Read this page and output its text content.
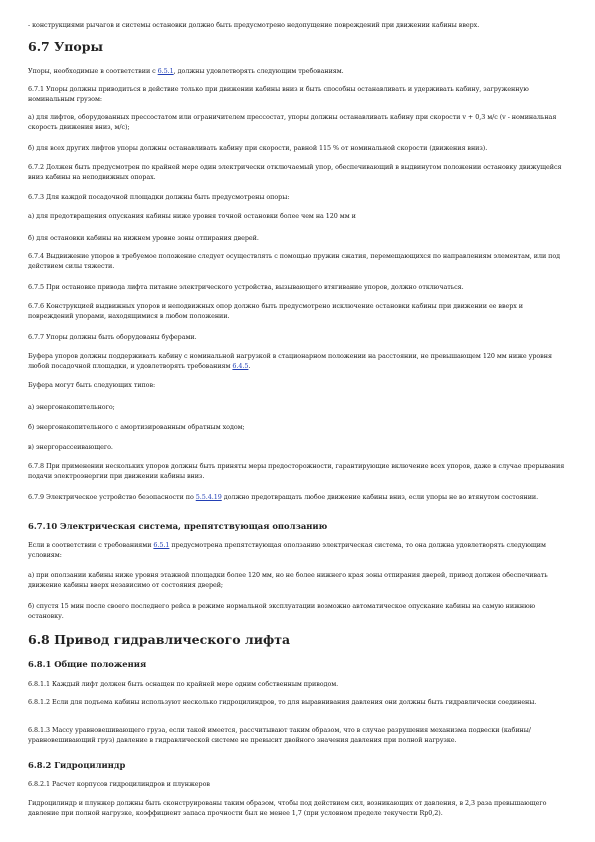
- конструкциями рычагов и системы остановки должно быть предусмотрено недопущение повреждений при движении кабины вверх.

6.7 Упоры

Упоры, необходимые в соответствии с 6.5.1, должны удовлетворять следующим требованиям.

6.7.1 Упоры должны приводиться в действие только при движении кабины вниз и быть способны останавливать и удерживать кабину, загруженную номинальным грузом:

а) для лифтов, оборудованных прессостатом или ограничителем прессостат, упоры должны останавливать кабину при скорости v + 0,3 м/с (v - номинальная скорость движения вниз, м/с);

б) для всех других лифтов упоры должны останавливать кабину при скорости, равной 115 % от номинальной скорости (движения вниз).

6.7.2 Должен быть предусмотрен по крайней мере один электрически отключаемый упор, обеспечивающий в выдвинутом положении остановку движущейся вниз кабины на неподвижных опорах.

6.7.3 Для каждой посадочной площадки должны быть предусмотрены опоры:

а) для предотвращения опускания кабины ниже уровня точной остановки более чем на 120 мм и

б) для остановки кабины на нижнем уровне зоны отпирания дверей.

6.7.4 Выдвижение упоров в требуемое положение следует осуществлять с помощью пружин сжатия, перемещающихся по направлениям элементам, или под действием силы тяжести.

6.7.5 При остановке привода лифта питание электрического устройства, вызывающего втягивание упоров, должно отключаться.

6.7.6 Конструкцией выдвижных упоров и неподвижных опор должно быть предусмотрено исключение остановки кабины при движении ее вверх и повреждений упорами, находящимися в любом положении.

6.7.7 Упоры должны быть оборудованы буферами.

Буфера упоров должны поддерживать кабину с номинальной нагрузкой в стационарном положении на расстоянии, не превышающем 120 мм ниже уровня любой посадочной площадки, и удовлетворять требованиям 6.4.5.

Буфера могут быть следующих типов:

а) энергонакопительного;

б) энергонакопительного с амортизированным обратным ходом;

в) энергорассеивающего.

6.7.8 При применении нескольких упоров должны быть приняты меры предосторожности, гарантирующие включение всех упоров, даже в случае прерывания подачи электроэнергии при движении кабины вниз.

6.7.9 Электрическое устройство безопасности по 5.5.4.19 должно предотвращать любое движение кабины вниз, если упоры не во втянутом состоянии.

6.7.10 Электрическая система, препятствующая оползанию

Если в соответствии с требованиями 6.5.1 предусмотрена препятствующая оползанию электрическая система, то она должна удовлетворять следующим условиям:

а) при оползании кабины ниже уровня этажной площадки более 120 мм, но не более нижнего края зоны отпирания дверей, привод должен обеспечивать движение кабины вверх независимо от состояния дверей;

б) спустя 15 мин после своего последнего рейса в режиме нормальной эксплуатации возможно автоматическое опускание кабины на самую нижнюю остановку.

6.8 Привод гидравлического лифта
6.8.1 Общие положения

6.8.1.1 Каждый лифт должен быть оснащен по крайней мере одним собственным приводом.

6.8.1.2 Если для подъема кабины используют несколько гидроцилиндров, то для выравнивания давления они должны быть гидравлически соединены.

6.8.1.3 Массу уравновешивающего груза, если такой имеется, рассчитывают таким образом, что в случае разрушения механизма подвески (кабины/уравновешивающий груз) давление в гидравлической системе не превысит двойного значения давления при полной нагрузке.

6.8.2 Гидроцилиндр

6.8.2.1 Расчет корпусов гидроцилиндров и плунжеров

Гидроцилиндр и плунжер должны быть сконструированы таким образом, чтобы под действием сил, возникающих от давления, в 2,3 раза превышающего давление при полной нагрузке, коэффициент запаса прочности был не менее 1,7 (при условном пределе текучести Rp0,2).
